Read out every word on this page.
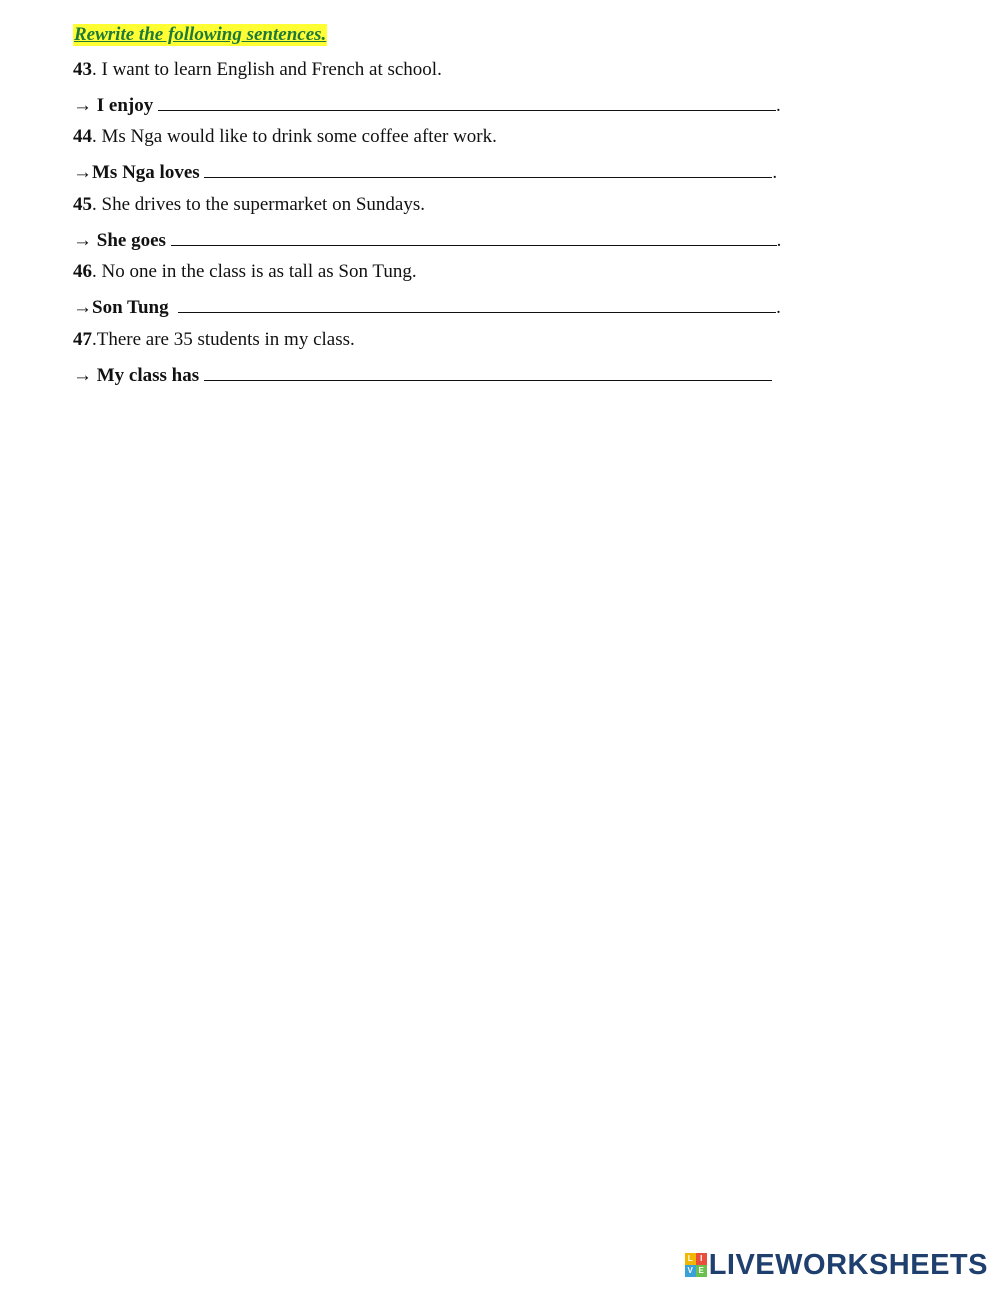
Rewrite the following sentences.
43. I want to learn English and French at school.
→ I enjoy	.
44. Ms Nga would like to drink some coffee after work.
→Ms Nga loves	.
45. She drives to the supermarket on Sundays.
→ She goes	.
46. No one in the class is as tall as Son Tung.
→Son Tung	.
47.There are 35 students in my class.
→ My class has
L I
V E LIVEWORKSHEETS
